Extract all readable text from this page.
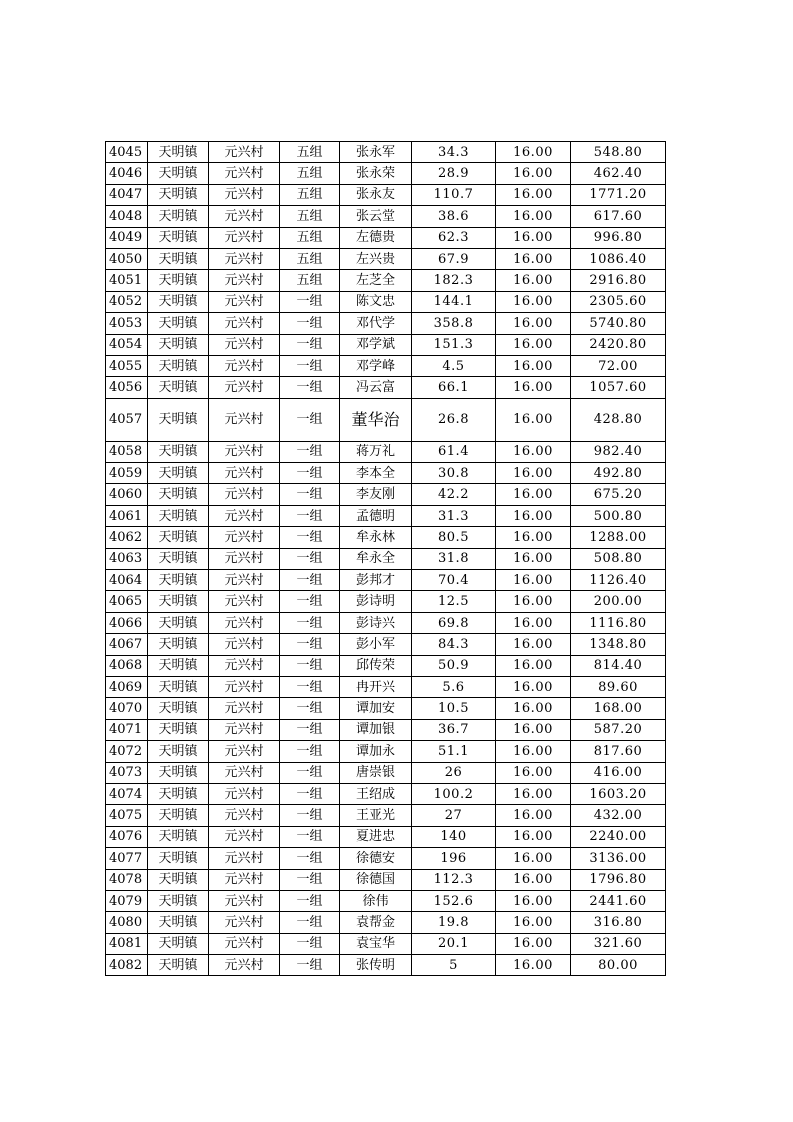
4045	天明镇	元兴村	五组	张永军	34.3	16.00	548.80
4046	天明镇	元兴村	五组	张永荣	28.9	16.00	462.40
4047	天明镇	元兴村	五组	张永友	110.7	16.00	1771.20
4048	天明镇	元兴村	五组	张云堂	38.6	16.00	617.60
4049	天明镇	元兴村	五组	左德贵	62.3	16.00	996.80
4050	天明镇	元兴村	五组	左兴贵	67.9	16.00	1086.40
4051	天明镇	元兴村	五组	左芝全	182.3	16.00	2916.80
4052	天明镇	元兴村	一组	陈文忠	144.1	16.00	2305.60
4053	天明镇	元兴村	一组	邓代学	358.8	16.00	5740.80
4054	天明镇	元兴村	一组	邓学斌	151.3	16.00	2420.80
4055	天明镇	元兴村	一组	邓学峰	4.5	16.00	72.00
4056	天明镇	元兴村	一组	冯云富	66.1	16.00	1057.60
4057	天明镇	元兴村	一组	董华治	26.8	16.00	428.80
4058	天明镇	元兴村	一组	蒋万礼	61.4	16.00	982.40
4059	天明镇	元兴村	一组	李本全	30.8	16.00	492.80
4060	天明镇	元兴村	一组	李友刚	42.2	16.00	675.20
4061	天明镇	元兴村	一组	孟德明	31.3	16.00	500.80
4062	天明镇	元兴村	一组	牟永林	80.5	16.00	1288.00
4063	天明镇	元兴村	一组	牟永全	31.8	16.00	508.80
4064	天明镇	元兴村	一组	彭邦才	70.4	16.00	1126.40
4065	天明镇	元兴村	一组	彭诗明	12.5	16.00	200.00
4066	天明镇	元兴村	一组	彭诗兴	69.8	16.00	1116.80
4067	天明镇	元兴村	一组	彭小军	84.3	16.00	1348.80
4068	天明镇	元兴村	一组	邱传荣	50.9	16.00	814.40
4069	天明镇	元兴村	一组	冉开兴	5.6	16.00	89.60
4070	天明镇	元兴村	一组	谭加安	10.5	16.00	168.00
4071	天明镇	元兴村	一组	谭加银	36.7	16.00	587.20
4072	天明镇	元兴村	一组	谭加永	51.1	16.00	817.60
4073	天明镇	元兴村	一组	唐崇银	26	16.00	416.00
4074	天明镇	元兴村	一组	王绍成	100.2	16.00	1603.20
4075	天明镇	元兴村	一组	王亚光	27	16.00	432.00
4076	天明镇	元兴村	一组	夏进忠	140	16.00	2240.00
4077	天明镇	元兴村	一组	徐德安	196	16.00	3136.00
4078	天明镇	元兴村	一组	徐德国	112.3	16.00	1796.80
4079	天明镇	元兴村	一组	徐伟	152.6	16.00	2441.60
4080	天明镇	元兴村	一组	袁帮金	19.8	16.00	316.80
4081	天明镇	元兴村	一组	袁宝华	20.1	16.00	321.60
4082	天明镇	元兴村	一组	张传明	5	16.00	80.00
